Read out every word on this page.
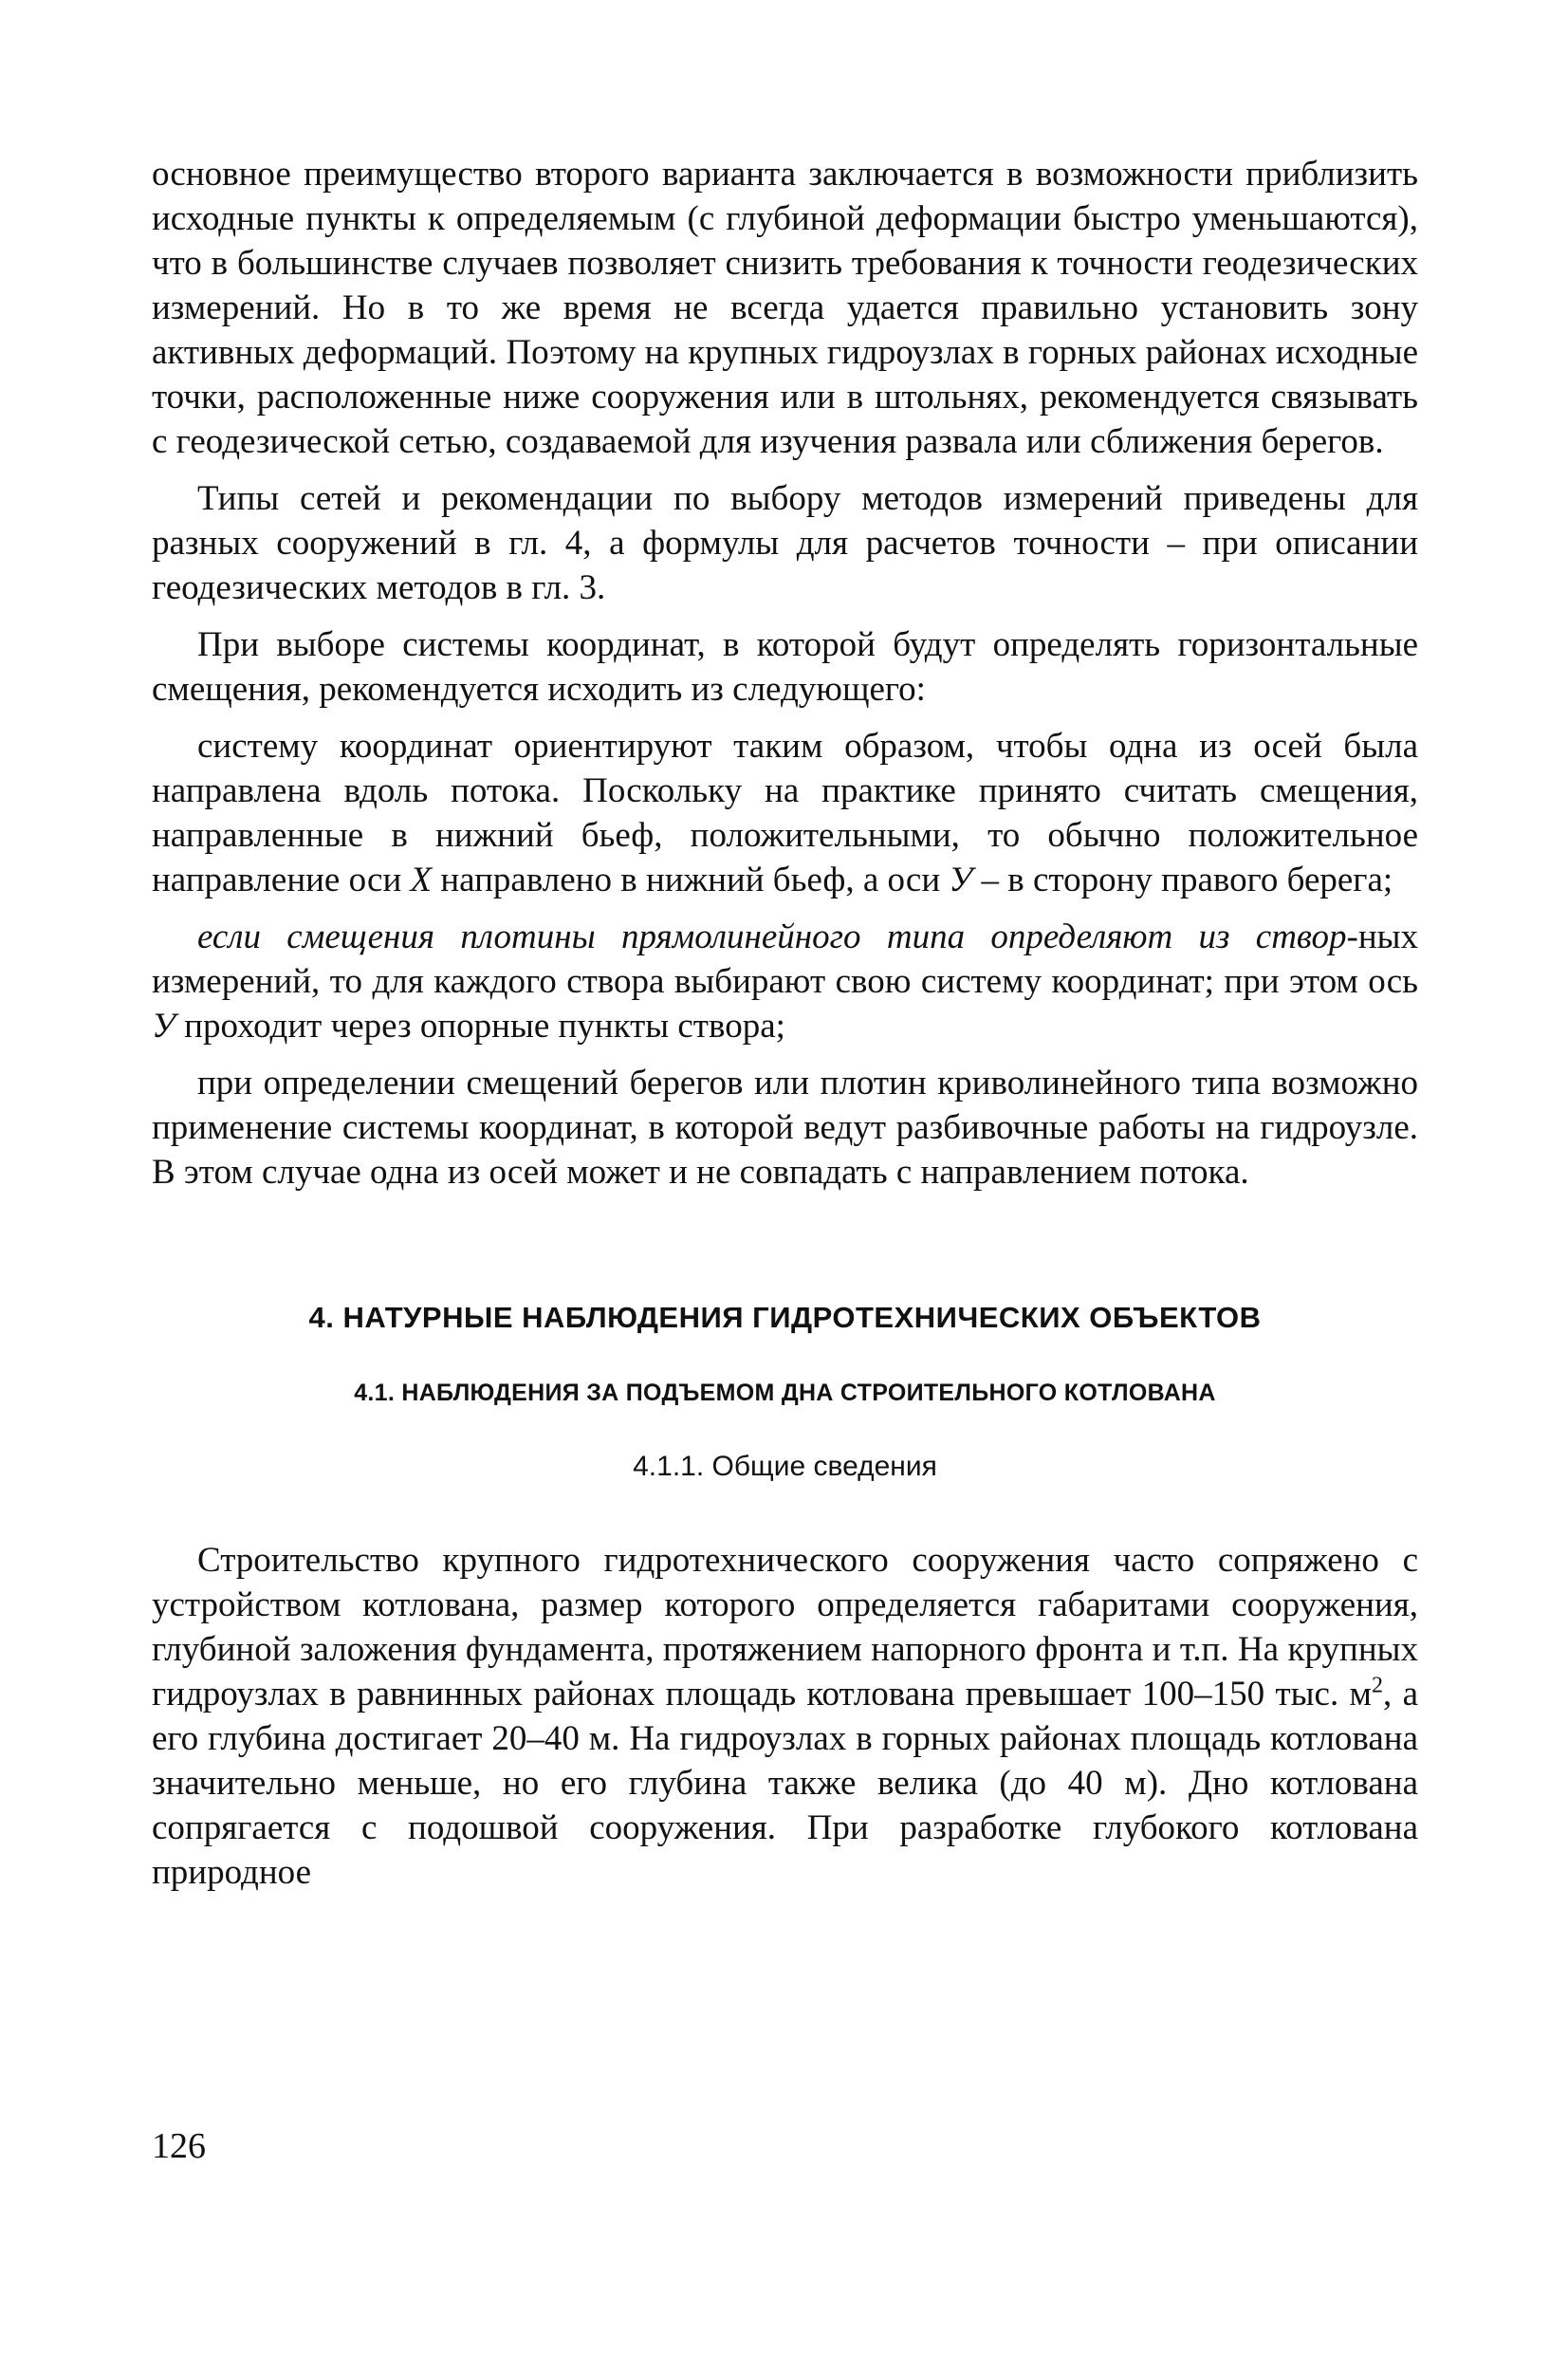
основное преимущество второго варианта заключается в возможности приблизить исходные пункты к определяемым (с глубиной деформации быстро уменьшаются), что в большинстве случаев позволяет снизить требования к точности геодезических измерений. Но в то же время не всегда удается правильно установить зону активных деформаций. Поэтому на крупных гидроузлах в горных районах исходные точки, расположенные ниже сооружения или в штольнях, рекомендуется связывать с геодезической сетью, создаваемой для изучения развала или сближения берегов.

Типы сетей и рекомендации по выбору методов измерений приведены для разных сооружений в гл. 4, а формулы для расчетов точности – при описании геодезических методов в гл. 3.

При выборе системы координат, в которой будут определять горизонтальные смещения, рекомендуется исходить из следующего:

систему координат ориентируют таким образом, чтобы одна из осей была направлена вдоль потока. Поскольку на практике принято считать смещения, направленные в нижний бьеф, положительными, то обычно положительное направление оси X направлено в нижний бьеф, а оси У – в сторону правого берега;

если смещения плотины прямолинейного типа определяют из створ-ных измерений, то для каждого створа выбирают свою систему координат; при этом ось У проходит через опорные пункты створа;

при определении смещений берегов или плотин криволинейного типа возможно применение системы координат, в которой ведут разбивочные работы на гидроузле. В этом случае одна из осей может и не совпадать с направлением потока.

4. НАТУРНЫЕ НАБЛЮДЕНИЯ ГИДРОТЕХНИЧЕСКИХ ОБЪЕКТОВ
4.1. НАБЛЮДЕНИЯ ЗА ПОДЪЕМОМ ДНА СТРОИТЕЛЬНОГО КОТЛОВАНА
4.1.1. Общие сведения

Строительство крупного гидротехнического сооружения часто сопряжено с устройством котлована, размер которого определяется габаритами сооружения, глубиной заложения фундамента, протяжением напорного фронта и т.п. На крупных гидроузлах в равнинных районах площадь котлована превышает 100–150 тыс. $м^2$, а его глубина достигает 20–40 м. На гидроузлах в горных районах площадь котлована значительно меньше, но его глубина также велика (до 40 м). Дно котлована сопрягается с подошвой сооружения. При разработке глубокого котлована природное

126
